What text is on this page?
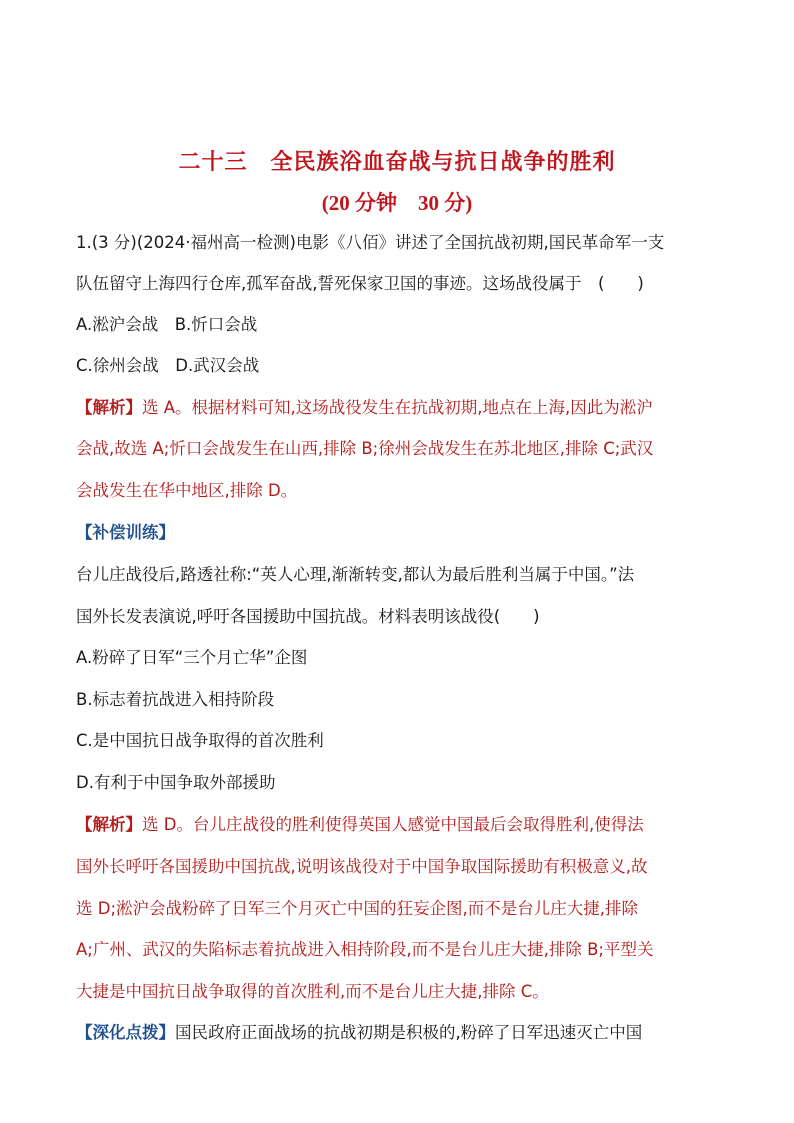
二十三　全民族浴血奋战与抗日战争的胜利
(20 分钟　30 分)
1.(3 分)(2024·福州高一检测)电影《八佰》讲述了全国抗战初期,国民革命军一支
队伍留守上海四行仓库,孤军奋战,誓死保家卫国的事迹。这场战役属于　(　　)
A.淞沪会战　B.忻口会战
C.徐州会战　D.武汉会战
【解析】选 A。根据材料可知,这场战役发生在抗战初期,地点在上海,因此为淞沪
会战,故选 A;忻口会战发生在山西,排除 B;徐州会战发生在苏北地区,排除 C;武汉
会战发生在华中地区,排除 D。
【补偿训练】
台儿庄战役后,路透社称:“英人心理,渐渐转变,都认为最后胜利当属于中国。”法
国外长发表演说,呼吁各国援助中国抗战。材料表明该战役(　　)
A.粉碎了日军“三个月亡华”企图
B.标志着抗战进入相持阶段
C.是中国抗日战争取得的首次胜利
D.有利于中国争取外部援助
【解析】选 D。台儿庄战役的胜利使得英国人感觉中国最后会取得胜利,使得法
国外长呼吁各国援助中国抗战,说明该战役对于中国争取国际援助有积极意义,故
选 D;淞沪会战粉碎了日军三个月灭亡中国的狂妄企图,而不是台儿庄大捷,排除
A;广州、武汉的失陷标志着抗战进入相持阶段,而不是台儿庄大捷,排除 B;平型关
大捷是中国抗日战争取得的首次胜利,而不是台儿庄大捷,排除 C。
【深化点拨】国民政府正面战场的抗战初期是积极的,粉碎了日军迅速灭亡中国
